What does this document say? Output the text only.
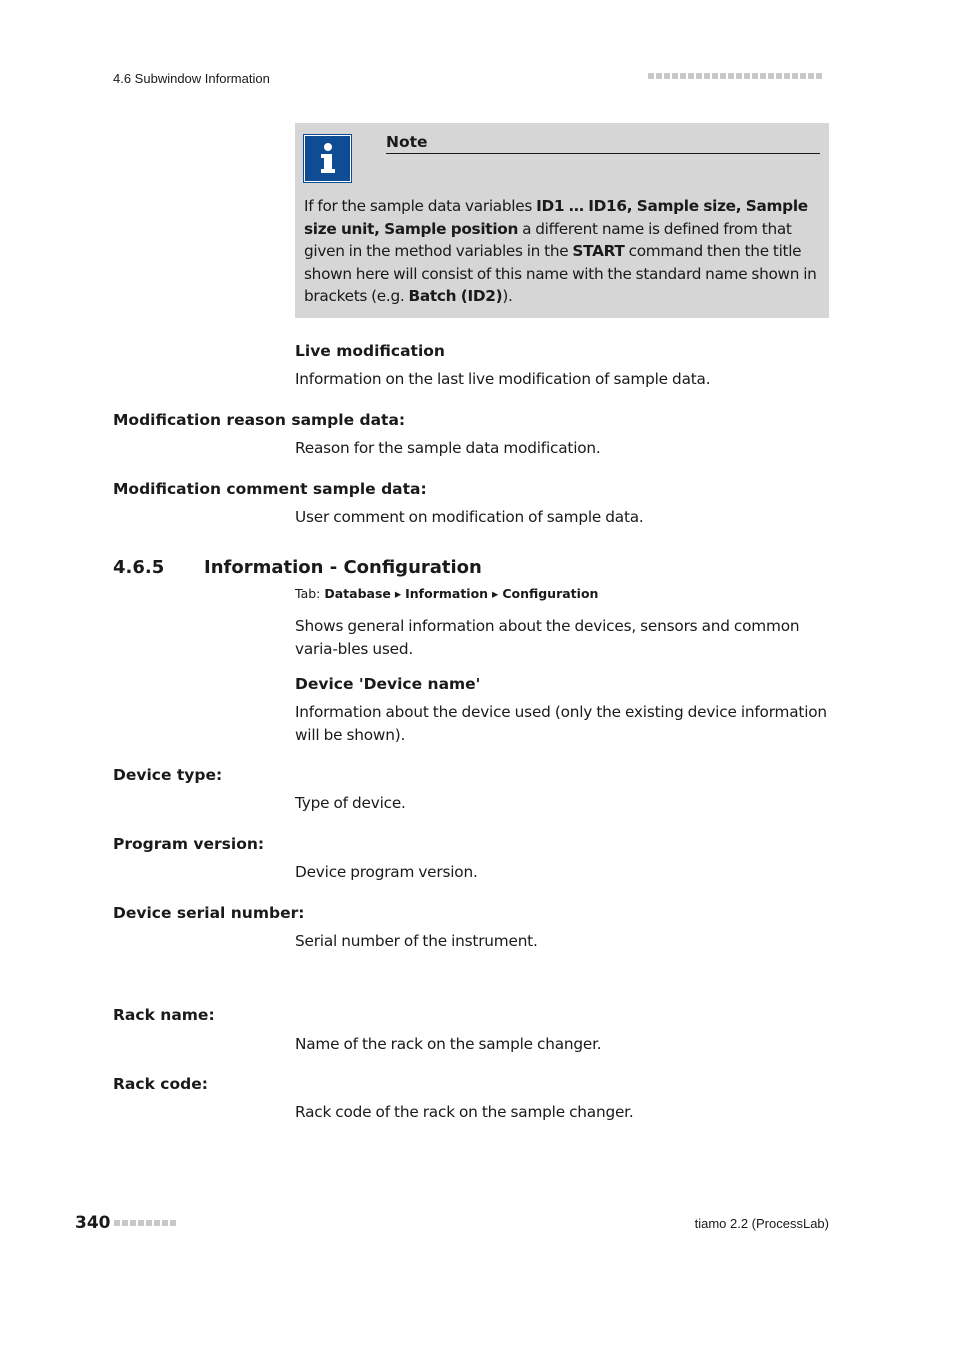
4.6 Subwindow Information
Note
If for the sample data variables ID1 … ID16, Sample size, Sample size unit, Sample position a different name is defined from that given in the method variables in the START command then the title shown here will consist of this name with the standard name shown in brackets (e.g. Batch (ID2)).
Live modification
Information on the last live modification of sample data.
Modification reason sample data:
Reason for the sample data modification.
Modification comment sample data:
User comment on modification of sample data.
4.6.5 Information - Configuration
Tab: Database ▸ Information ▸ Configuration
Shows general information about the devices, sensors and common varia-bles used.
Device 'Device name'
Information about the device used (only the existing device information will be shown).
Device type:
Type of device.
Program version:
Device program version.
Device serial number:
Serial number of the instrument.
Rack name:
Name of the rack on the sample changer.
Rack code:
Rack code of the rack on the sample changer.
340	tiamo 2.2 (ProcessLab)
